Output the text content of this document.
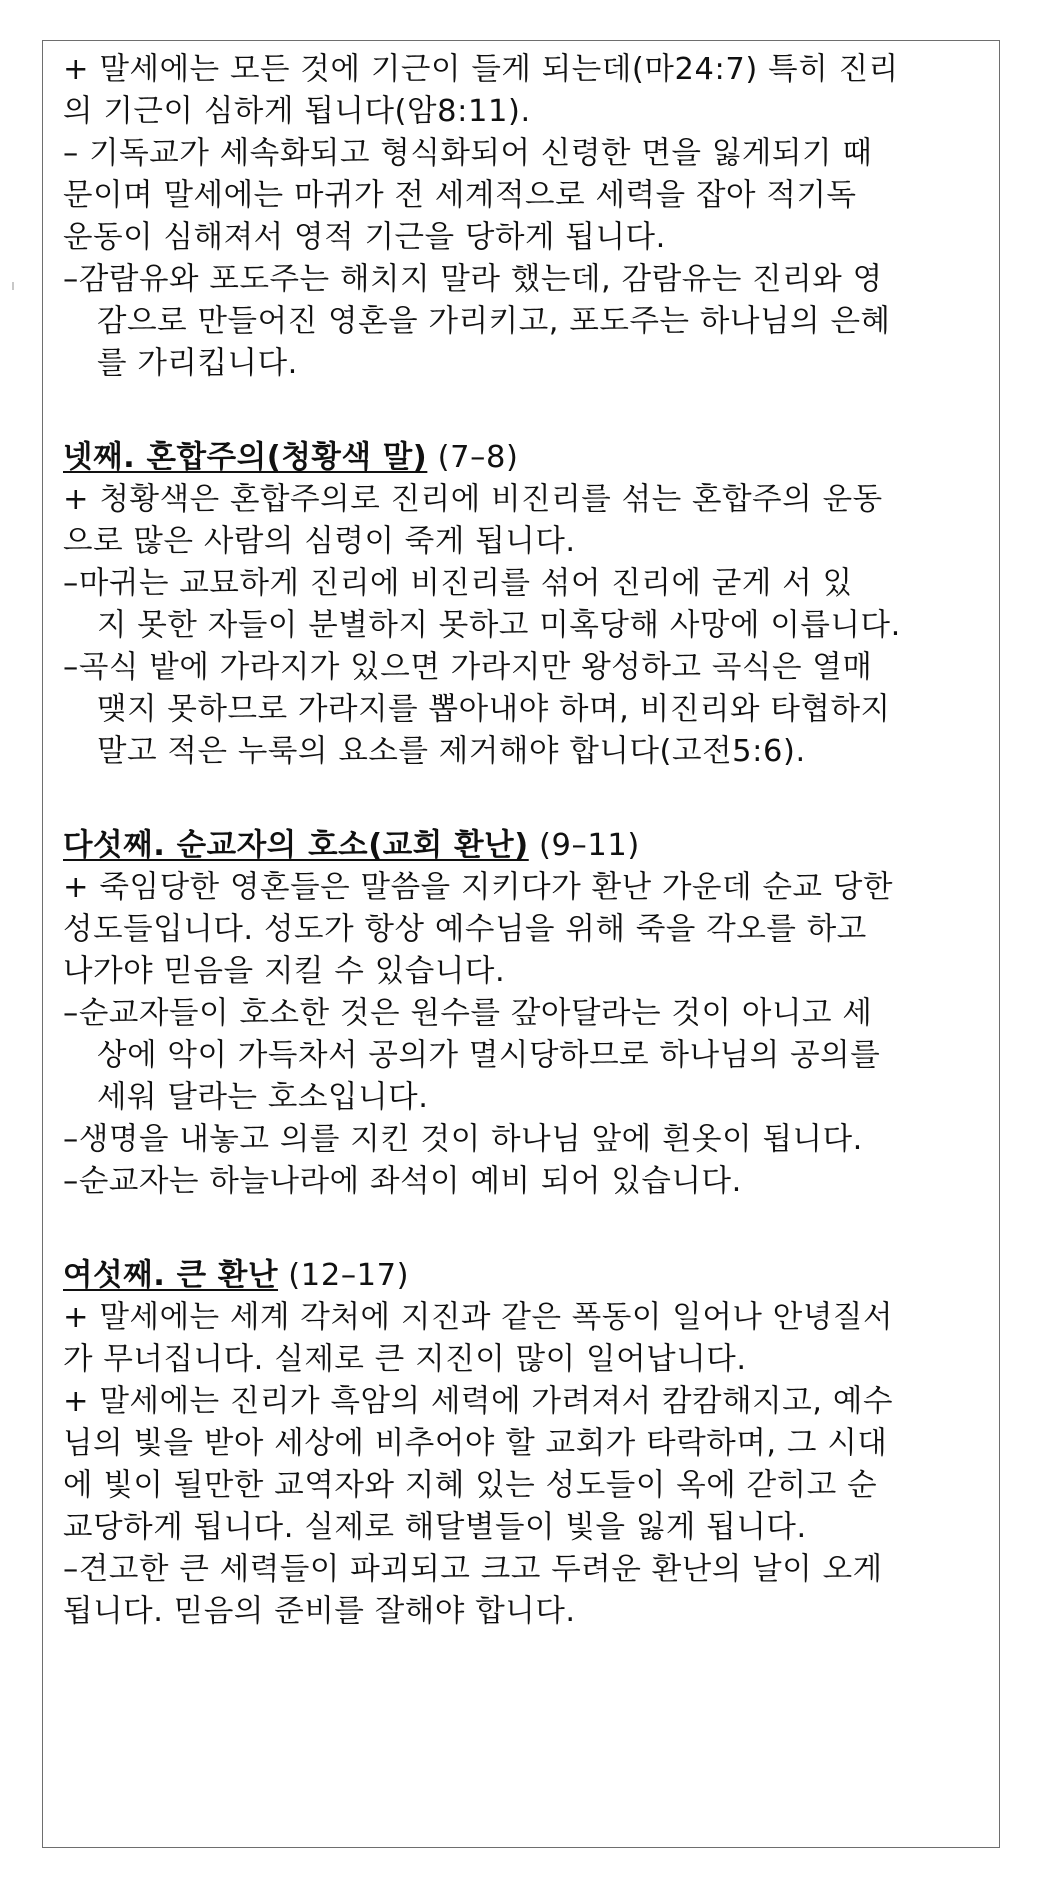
+ 말세에는 모든 것에 기근이 들게 되는데(마24:7) 특히 진리
의 기근이 심하게 됩니다(암8:11).
– 기독교가 세속화되고 형식화되어 신령한 면을 잃게되기 때
문이며 말세에는 마귀가 전 세계적으로 세력을 잡아 적기독
운동이 심해져서 영적 기근을 당하게 됩니다.
–감람유와 포도주는 해치지 말라 했는데, 감람유는 진리와 영
감으로 만들어진 영혼을 가리키고, 포도주는 하나님의 은혜
를 가리킵니다.
넷째. 혼합주의(청황색 말) (7–8)
+ 청황색은 혼합주의로 진리에 비진리를 섞는 혼합주의 운동
으로 많은 사람의 심령이 죽게 됩니다.
–마귀는 교묘하게 진리에 비진리를 섞어 진리에 굳게 서 있
지 못한 자들이 분별하지 못하고 미혹당해 사망에 이릅니다.
–곡식 밭에 가라지가 있으면 가라지만 왕성하고 곡식은 열매
맺지 못하므로 가라지를 뽑아내야 하며, 비진리와 타협하지
말고 적은 누룩의 요소를 제거해야 합니다(고전5:6).
다섯째. 순교자의 호소(교회 환난) (9–11)
+ 죽임당한 영혼들은 말씀을 지키다가 환난 가운데 순교 당한
성도들입니다. 성도가 항상 예수님을 위해 죽을 각오를 하고
나가야 믿음을 지킬 수 있습니다.
–순교자들이 호소한 것은 원수를 갚아달라는 것이 아니고 세
상에 악이 가득차서 공의가 멸시당하므로 하나님의 공의를
세워 달라는 호소입니다.
–생명을 내놓고 의를 지킨 것이 하나님 앞에 흰옷이 됩니다.
–순교자는 하늘나라에 좌석이 예비 되어 있습니다.
여섯째. 큰 환난 (12–17)
+ 말세에는 세계 각처에 지진과 같은 폭동이 일어나 안녕질서
가 무너집니다. 실제로 큰 지진이 많이 일어납니다.
+ 말세에는 진리가 흑암의 세력에 가려져서 캄캄해지고, 예수
님의 빛을 받아 세상에 비추어야 할 교회가 타락하며, 그 시대
에 빛이 될만한 교역자와 지혜 있는 성도들이 옥에 갇히고 순
교당하게 됩니다. 실제로 해달별들이 빛을 잃게 됩니다.
–견고한 큰 세력들이 파괴되고 크고 두려운 환난의 날이 오게
됩니다. 믿음의 준비를 잘해야 합니다.
